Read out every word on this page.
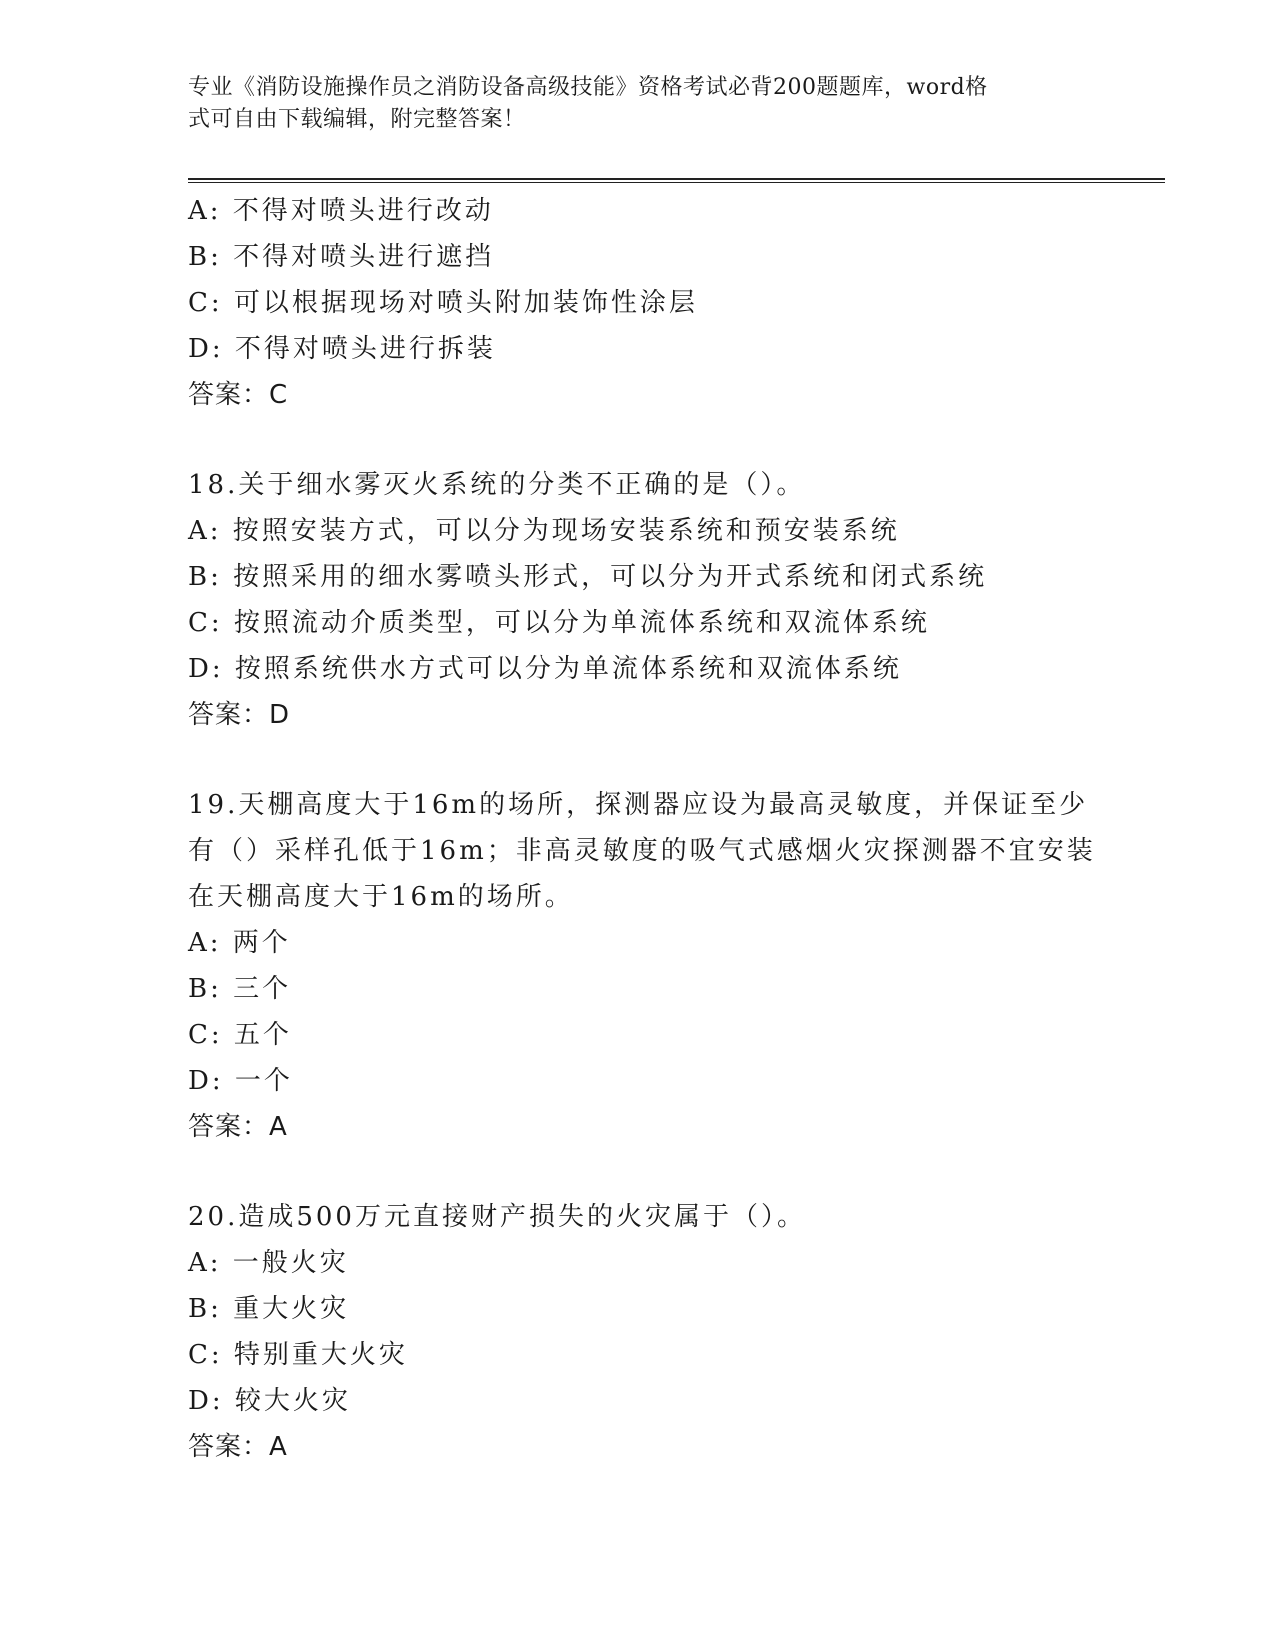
专业《消防设施操作员之消防设备高级技能》资格考试必背200题题库，word格
式可自由下载编辑，附完整答案！
A: 不得对喷头进行改动
B: 不得对喷头进行遮挡
C: 可以根据现场对喷头附加装饰性涂层
D: 不得对喷头进行拆装
答案：C
18.关于细水雾灭火系统的分类不正确的是（）。
A: 按照安装方式，可以分为现场安装系统和预安装系统
B: 按照采用的细水雾喷头形式，可以分为开式系统和闭式系统
C: 按照流动介质类型，可以分为单流体系统和双流体系统
D: 按照系统供水方式可以分为单流体系统和双流体系统
答案：D
19.天棚高度大于16m的场所，探测器应设为最高灵敏度，并保证至少
有（）采样孔低于16m；非高灵敏度的吸气式感烟火灾探测器不宜安装
在天棚高度大于16m的场所。
A: 两个
B: 三个
C: 五个
D: 一个
答案：A
20.造成500万元直接财产损失的火灾属于（）。
A: 一般火灾
B: 重大火灾
C: 特别重大火灾
D: 较大火灾
答案：A
